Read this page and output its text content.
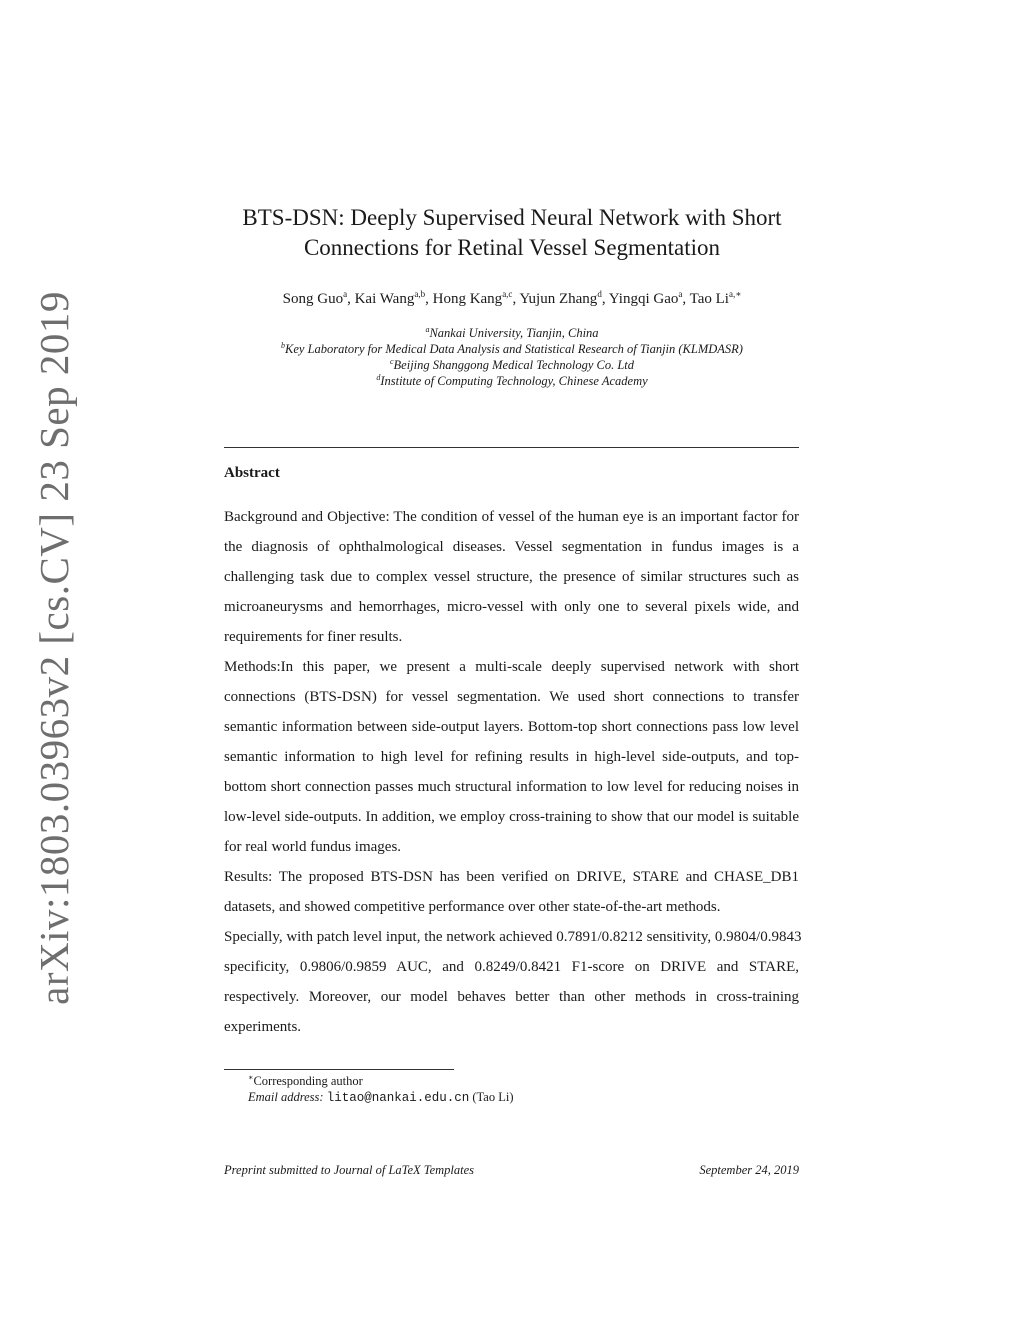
arXiv:1803.03963v2 [cs.CV] 23 Sep 2019
BTS-DSN: Deeply Supervised Neural Network with Short
Connections for Retinal Vessel Segmentation
Song Guo$^a$, Kai Wang$^{a,b}$, Hong Kang$^{a,c}$, Yujun Zhang$^d$, Yingqi Gao$^a$, Tao $Li^{a,∗}$
$^a$Nankai University, Tianjin, China
$^b$Key Laboratory for Medical Data Analysis and Statistical Research of Tianjin (KLMDASR)
$^c$Beijing Shanggong Medical Technology Co. Ltd
$^d$Institute of Computing Technology, Chinese Academy
Abstract

Background and Objective: The condition of vessel of the human eye is an important factor for the diagnosis of ophthalmological diseases. Vessel segmentation in fundus images is a challenging task due to complex vessel structure, the presence of similar structures such as microaneurysms and hemorrhages, micro-vessel with only one to several pixels wide, and requirements for finer results.

Methods:In this paper, we present a multi-scale deeply supervised network with short connections (BTS-DSN) for vessel segmentation. We used short connections to transfer semantic information between side-output layers. Bottom-top short connections pass low level semantic information to high level for refining results in high-level side-outputs, and top-bottom short connection passes much structural information to low level for reducing noises in low-level side-outputs. In addition, we employ cross-training to show that our model is suitable for real world fundus images.

Results: The proposed BTS-DSN has been verified on DRIVE, STARE and CHASE_DB1 datasets, and showed competitive performance over other state-of-the-art methods.
Specially, with patch level input, the network achieved 0.7891/0.8212 sensitivity, 0.9804/0.9843
specificity, 0.9806/0.9859 AUC, and 0.8249/0.8421 F1-score on DRIVE and STARE, respectively. Moreover, our model behaves better than other methods in cross-training experiments.

∗Corresponding author
Email address: litao@nankai.edu.cn (Tao Li)
Preprint submitted to Journal of LaTeX Templates	September 24, 2019
